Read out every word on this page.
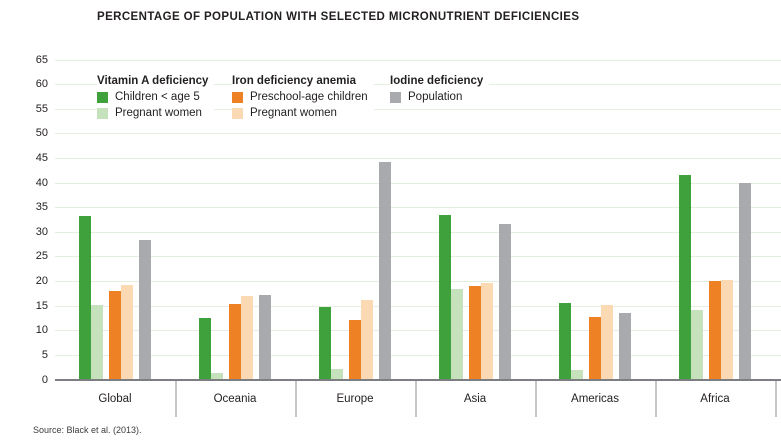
PERCENTAGE OF POPULATION WITH SELECTED MICRONUTRIENT DEFICIENCIES
0
5
10
15
20
25
30
35
40
45
50
55
60
65
Global	Oceania	Europe	Asia	Americas	Africa
Vitamin A deficiency
Children < age 5
Pregnant women
Iron deficiency anemia
Preschool-age children
Pregnant women
Iodine deficiency
Population
Source: Black et al. (2013).
